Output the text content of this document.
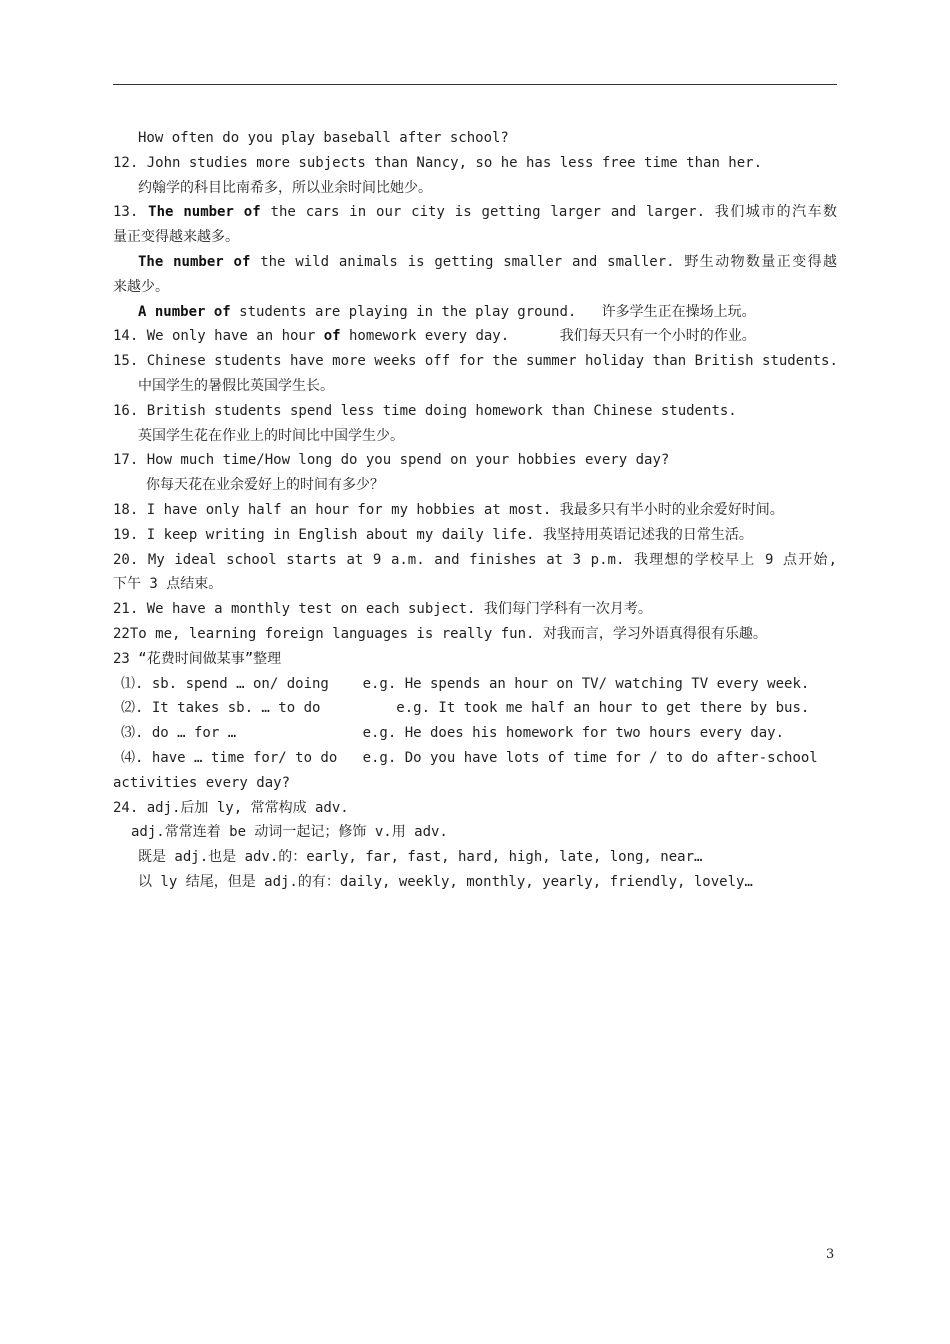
How often do you play baseball after school?
12. John studies more subjects than Nancy, so he has less free time than her.
约翰学的科目比南希多，所以业余时间比她少。
13. The number of the cars in our city is getting larger and larger. 我们城市的汽车数
量正变得越来越多。
The number of the wild animals is getting smaller and smaller. 野生动物数量正变得越
来越少。
A number of students are playing in the play ground.   许多学生正在操场上玩。
14. We only have an hour of homework every day.      我们每天只有一个小时的作业。
15. Chinese students have more weeks off for the summer holiday than British students.
中国学生的暑假比英国学生长。
16. British students spend less time doing homework than Chinese students.
英国学生花在作业上的时间比中国学生少。
17. How much time/How long do you spend on your hobbies every day?
你每天花在业余爱好上的时间有多少？
18. I have only half an hour for my hobbies at most. 我最多只有半小时的业余爱好时间。
19. I keep writing in English about my daily life. 我坚持用英语记述我的日常生活。
20. My ideal school starts at 9 a.m. and finishes at 3 p.m. 我理想的学校早上 9 点开始,
下午 3 点结束。
21. We have a monthly test on each subject. 我们每门学科有一次月考。
22To me, learning foreign languages is really fun. 对我而言，学习外语真得很有乐趣。
23 “花费时间做某事”整理
⑴. sb. spend … on/ doing    e.g. He spends an hour on TV/ watching TV every week.
⑵. It takes sb. … to do         e.g. It took me half an hour to get there by bus.
⑶. do … for …               e.g. He does his homework for two hours every day.
⑷. have … time for/ to do   e.g. Do you have lots of time for / to do after-school
activities every day?
24. adj.后加 ly, 常常构成 adv.
adj.常常连着 be 动词一起记；修饰 v.用 adv.
既是 adj.也是 adv.的：early, far, fast, hard, high, late, long, near…
以 ly 结尾，但是 adj.的有：daily, weekly, monthly, yearly, friendly, lovely…
3
